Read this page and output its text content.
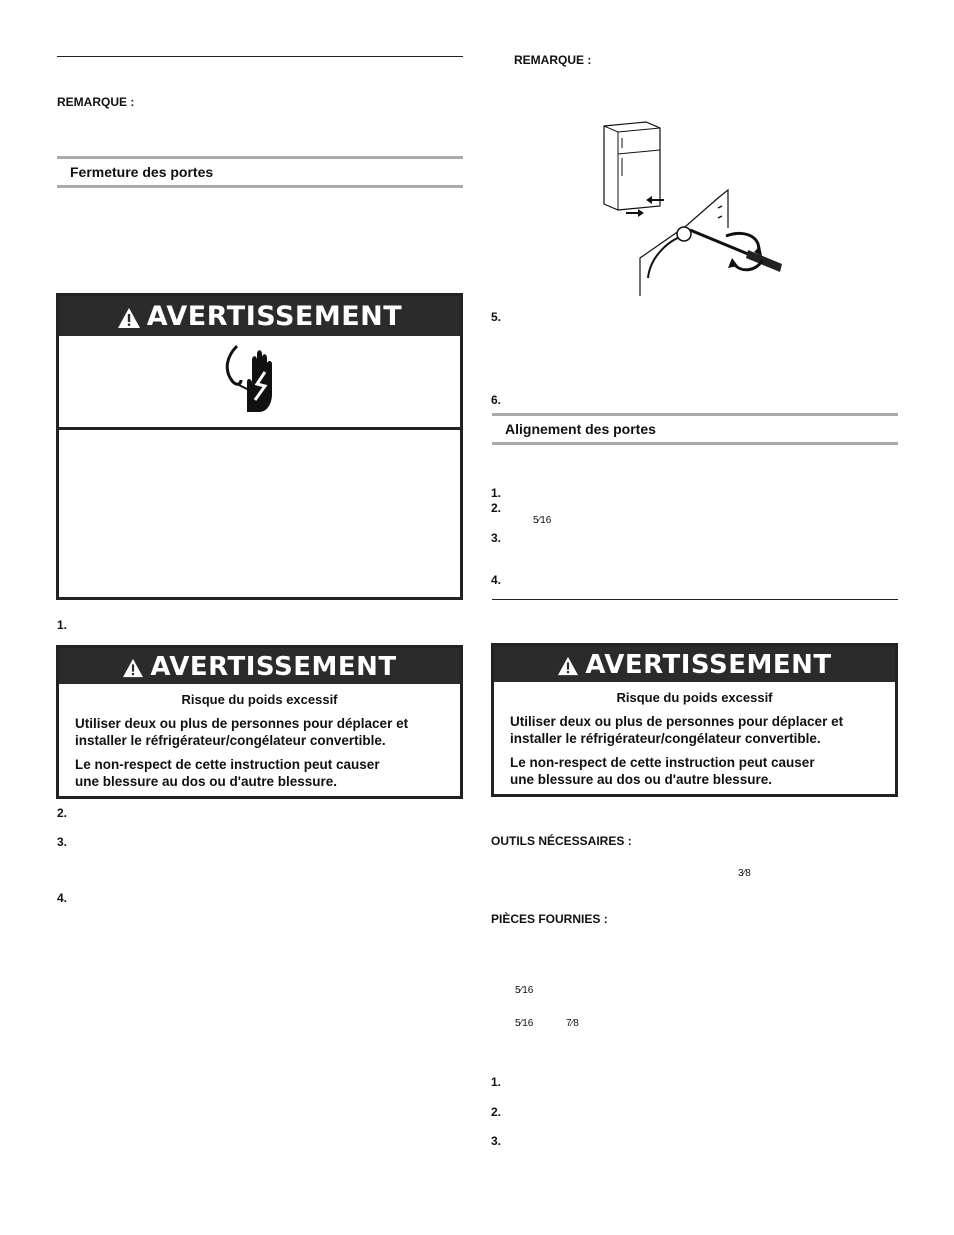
REMARQUE :
Fermeture des portes
AVERTISSEMENT
1.
AVERTISSEMENT
Risque du poids excessif
Utiliser deux ou plus de personnes pour déplacer et installer le réfrigérateur/congélateur convertible.
Le non-respect de cette instruction peut causer une blessure au dos ou d'autre blessure.
2.
3.
4.
REMARQUE :
5.
6.
Alignement des portes
1.
2.
5⁄16
3.
4.
AVERTISSEMENT
Risque du poids excessif
Utiliser deux ou plus de personnes pour déplacer et installer le réfrigérateur/congélateur convertible.
Le non-respect de cette instruction peut causer une blessure au dos ou d'autre blessure.
OUTILS NÉCESSAIRES :
3⁄8
PIÈCES FOURNIES :
5⁄16
5⁄16	7⁄8
1.
2.
3.
